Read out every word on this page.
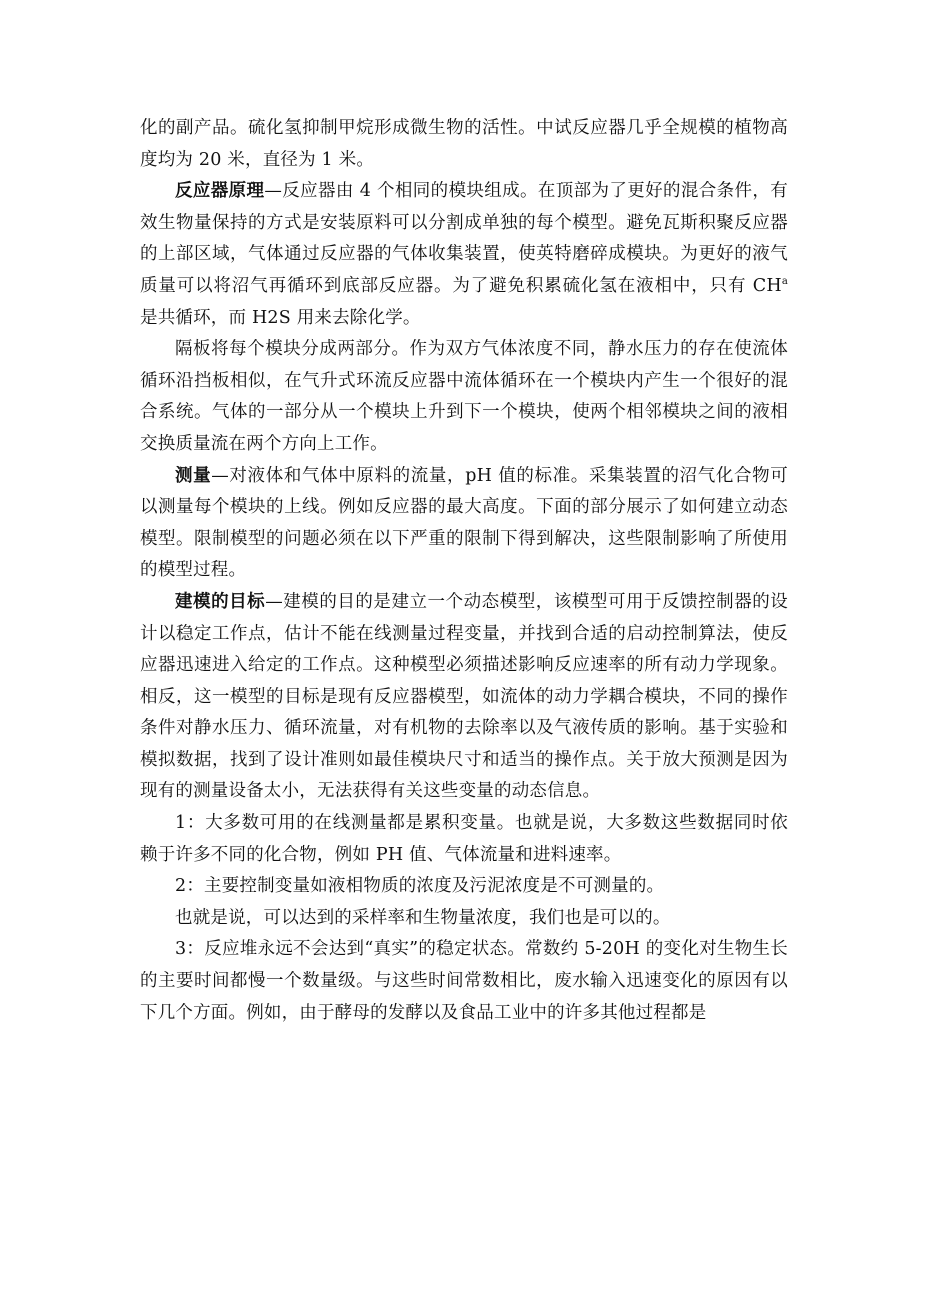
化的副产品。硫化氢抑制甲烷形成微生物的活性。中试反应器几乎全规模的植物高度均为 20 米，直径为 1 米。

反应器原理—反应器由 4 个相同的模块组成。在顶部为了更好的混合条件，有效生物量保持的方式是安装原料可以分割成单独的每个模型。避免瓦斯积聚反应器的上部区域，气体通过反应器的气体收集装置，使英特磨碎成模块。为更好的液气质量可以将沼气再循环到底部反应器。为了避免积累硫化氢在液相中，只有 $CH^a$ 是共循环，而 H2S 用来去除化学。

隔板将每个模块分成两部分。作为双方气体浓度不同，静水压力的存在使流体循环沿挡板相似，在气升式环流反应器中流体循环在一个模块内产生一个很好的混合系统。气体的一部分从一个模块上升到下一个模块，使两个相邻模块之间的液相交换质量流在两个方向上工作。

测量—对液体和气体中原料的流量，pH 值的标准。采集装置的沼气化合物可以测量每个模块的上线。例如反应器的最大高度。下面的部分展示了如何建立动态模型。限制模型的问题必须在以下严重的限制下得到解决，这些限制影响了所使用的模型过程。

建模的目标—建模的目的是建立一个动态模型，该模型可用于反馈控制器的设计以稳定工作点，估计不能在线测量过程变量，并找到合适的启动控制算法，使反应器迅速进入给定的工作点。这种模型必须描述影响反应速率的所有动力学现象。相反，这一模型的目标是现有反应器模型，如流体的动力学耦合模块，不同的操作条件对静水压力、循环流量，对有机物的去除率以及气液传质的影响。基于实验和模拟数据，找到了设计准则如最佳模块尺寸和适当的操作点。关于放大预测是因为现有的测量设备太小，无法获得有关这些变量的动态信息。

1：大多数可用的在线测量都是累积变量。也就是说，大多数这些数据同时依赖于许多不同的化合物，例如 PH 值、气体流量和进料速率。

2：主要控制变量如液相物质的浓度及污泥浓度是不可测量的。

也就是说，可以达到的采样率和生物量浓度，我们也是可以的。

3：反应堆永远不会达到“真实”的稳定状态。常数约 5-20H 的变化对生物生长的主要时间都慢一个数量级。与这些时间常数相比，废水输入迅速变化的原因有以下几个方面。例如，由于酵母的发酵以及食品工业中的许多其他过程都是
